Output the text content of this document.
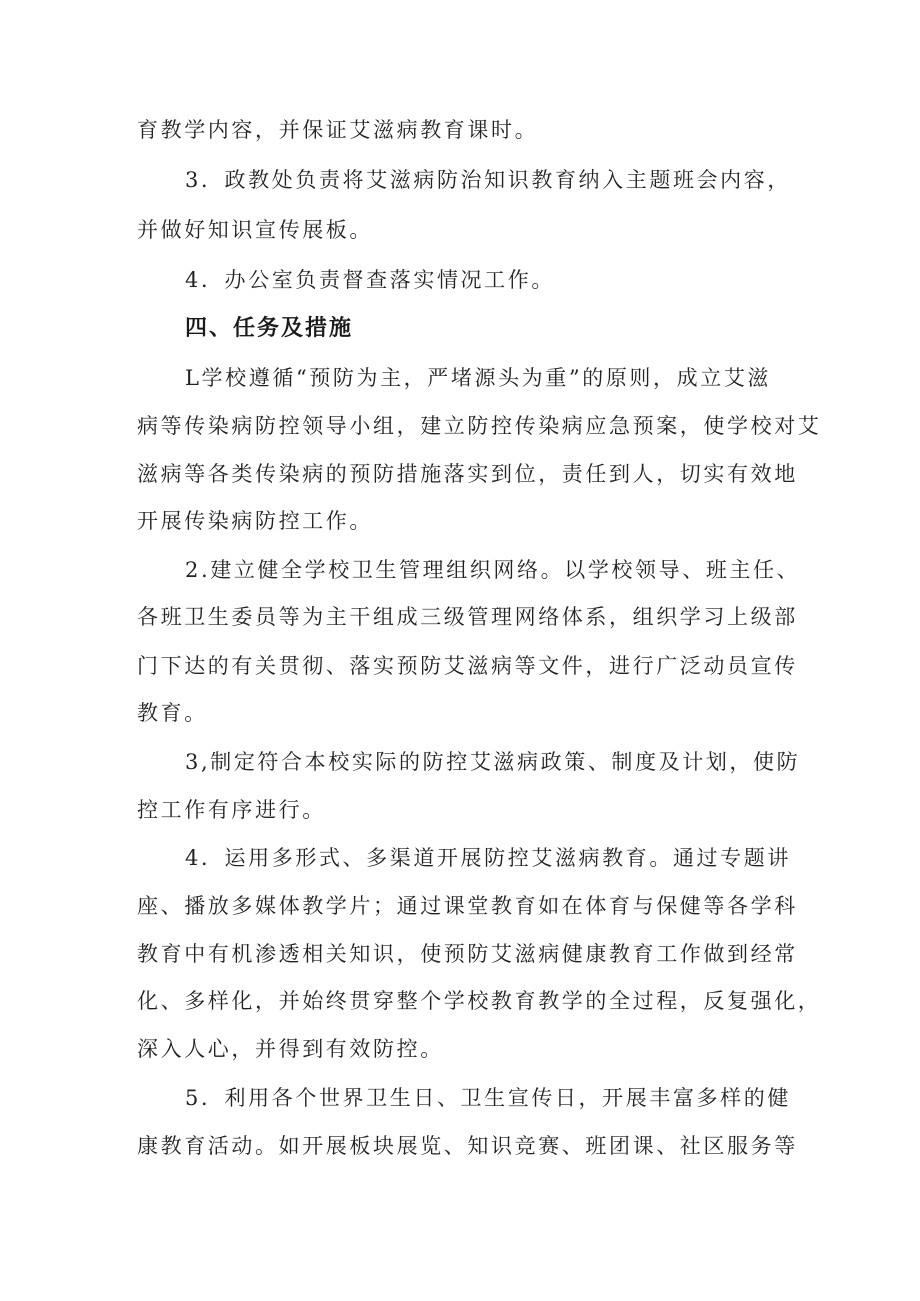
育教学内容，并保证艾滋病教育课时。
3．政教处负责将艾滋病防治知识教育纳入主题班会内容，
并做好知识宣传展板。
4．办公室负责督查落实情况工作。
四、任务及措施
L学校遵循“预防为主，严堵源头为重”的原则，成立艾滋
病等传染病防控领导小组，建立防控传染病应急预案，使学校对艾
滋病等各类传染病的预防措施落实到位，责任到人，切实有效地
开展传染病防控工作。
2.建立健全学校卫生管理组织网络。以学校领导、班主任、
各班卫生委员等为主干组成三级管理网络体系，组织学习上级部
门下达的有关贯彻、落实预防艾滋病等文件，进行广泛动员宣传
教育。
3,制定符合本校实际的防控艾滋病政策、制度及计划，使防
控工作有序进行。
4．运用多形式、多渠道开展防控艾滋病教育。通过专题讲
座、播放多媒体教学片；通过课堂教育如在体育与保健等各学科
教育中有机渗透相关知识，使预防艾滋病健康教育工作做到经常
化、多样化，并始终贯穿整个学校教育教学的全过程，反复强化，
深入人心，并得到有效防控。
5．利用各个世界卫生日、卫生宣传日，开展丰富多样的健
康教育活动。如开展板块展览、知识竞赛、班团课、社区服务等
